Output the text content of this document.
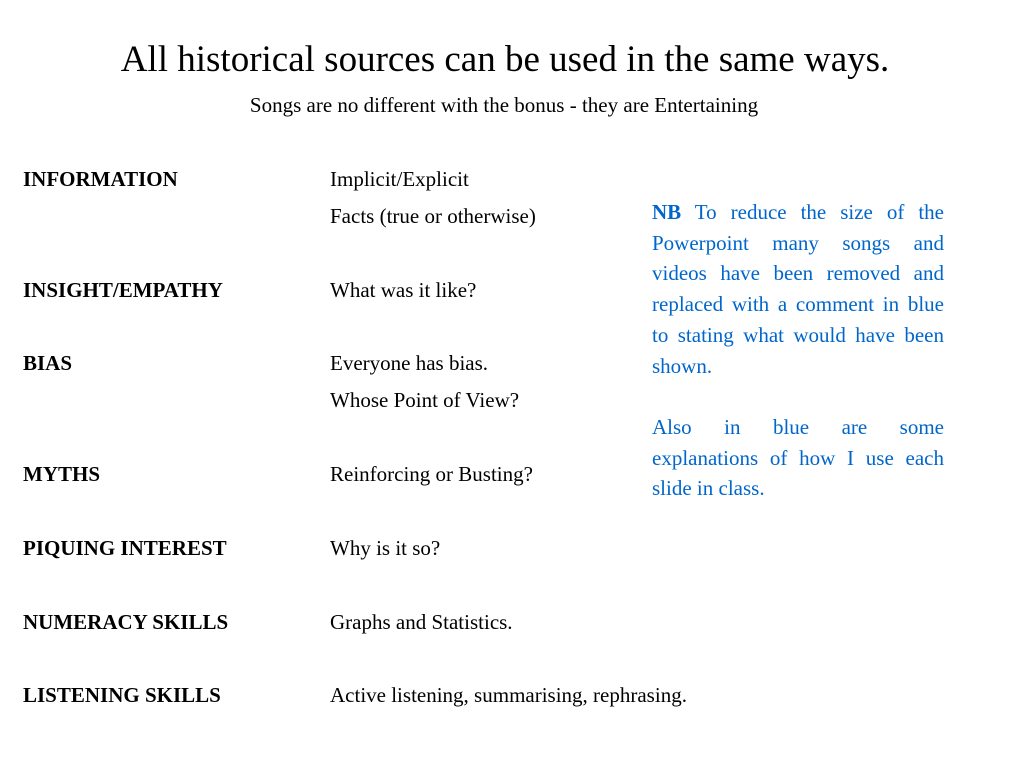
All historical sources can be used in the same ways.

Songs are no different with the bonus - they are Entertaining

INFORMATION	Implicit/Explicit
Facts (true or otherwise)
INSIGHT/EMPATHY	What was it like?
BIAS	Everyone has bias.
Whose Point of View?
MYTHS	Reinforcing or Busting?
PIQUING INTEREST	Why is it so?
NUMERACY SKILLS	Graphs and Statistics.
LISTENING SKILLS	Active listening, summarising, rephrasing.

NB To reduce the size of the Powerpoint many songs and videos have been removed and replaced with a comment in blue to stating what would have been shown.

Also in blue are some explanations of how I use each slide in class.
